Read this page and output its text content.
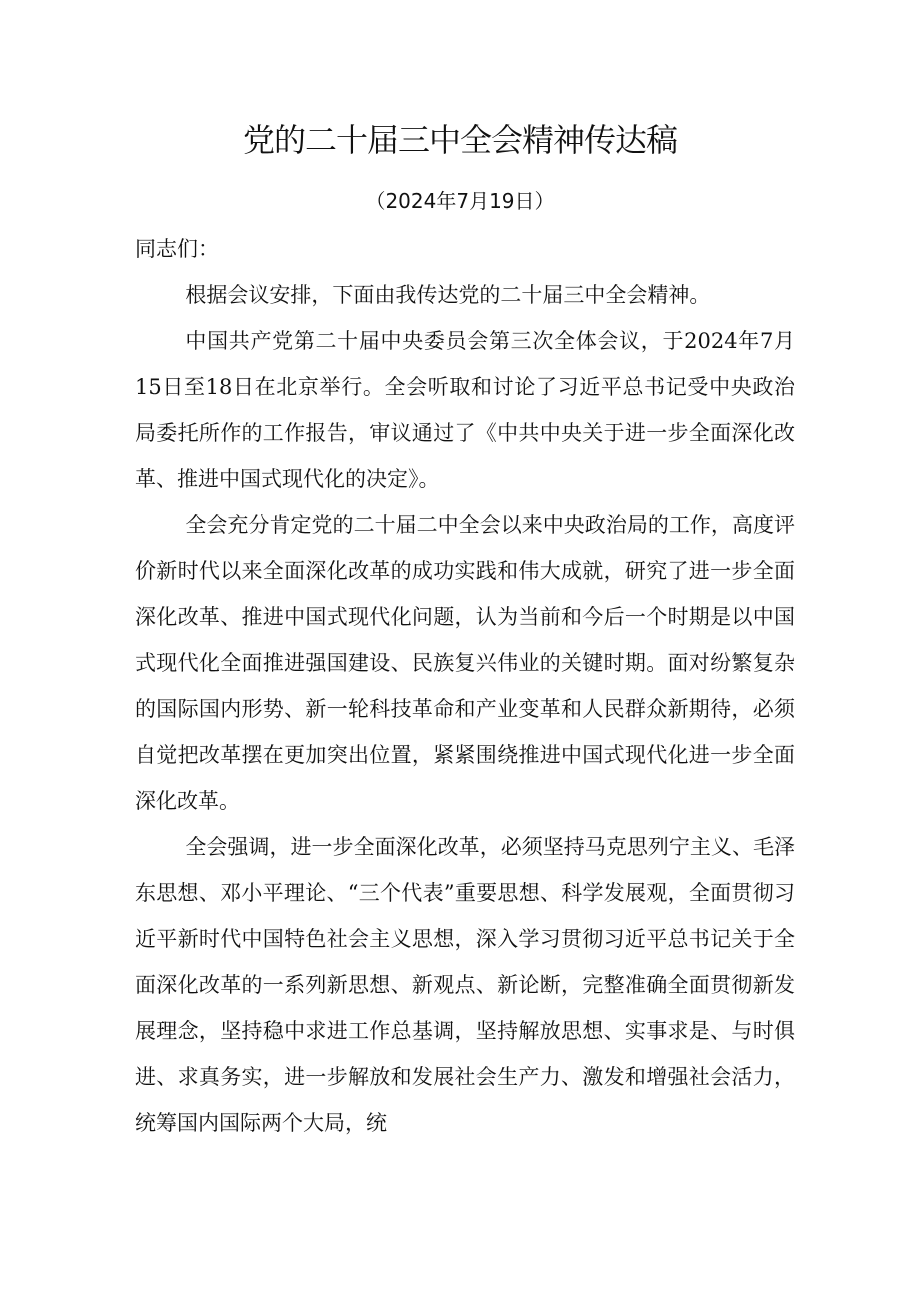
党的二十届三中全会精神传达稿

（2024年7月19日）

同志们：

根据会议安排，下面由我传达党的二十届三中全会精神。

中国共产党第二十届中央委员会第三次全体会议，于2024年7月15日至18日在北京举行。全会听取和讨论了习近平总书记受中央政治局委托所作的工作报告，审议通过了《中共中央关于进一步全面深化改革、推进中国式现代化的决定》。

全会充分肯定党的二十届二中全会以来中央政治局的工作，高度评价新时代以来全面深化改革的成功实践和伟大成就，研究了进一步全面深化改革、推进中国式现代化问题，认为当前和今后一个时期是以中国式现代化全面推进强国建设、民族复兴伟业的关键时期。面对纷繁复杂的国际国内形势、新一轮科技革命和产业变革和人民群众新期待，必须自觉把改革摆在更加突出位置，紧紧围绕推进中国式现代化进一步全面深化改革。

全会强调，进一步全面深化改革，必须坚持马克思列宁主义、毛泽东思想、邓小平理论、“三个代表”重要思想、科学发展观，全面贯彻习近平新时代中国特色社会主义思想，深入学习贯彻习近平总书记关于全面深化改革的一系列新思想、新观点、新论断，完整准确全面贯彻新发展理念，坚持稳中求进工作总基调，坚持解放思想、实事求是、与时俱进、求真务实，进一步解放和发展社会生产力、激发和增强社会活力，统筹国内国际两个大局，统
